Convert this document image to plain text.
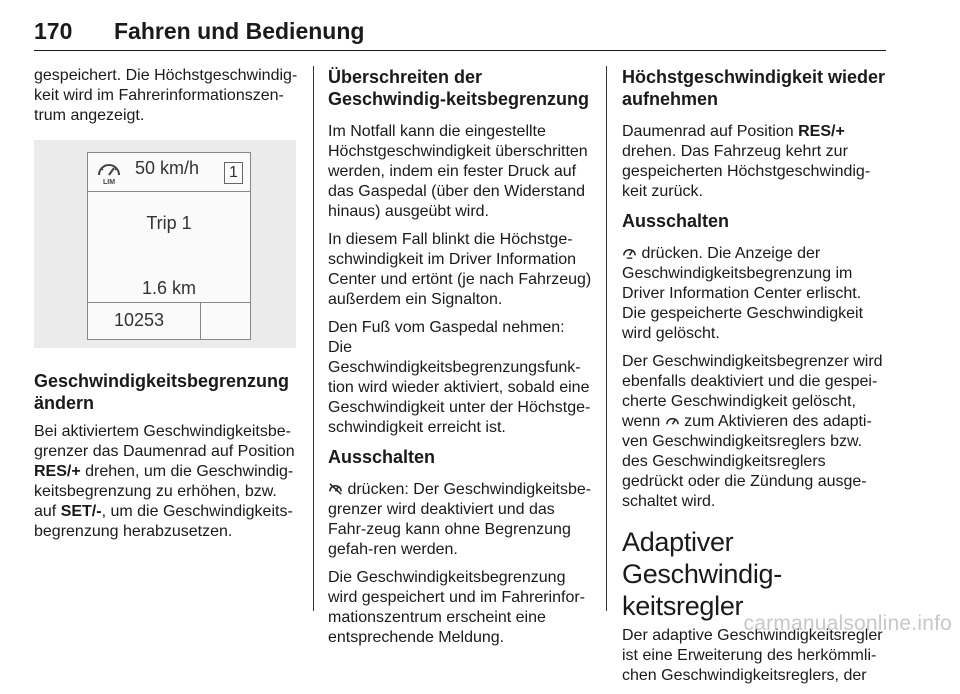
170 Fahren und Bedienung

gespeichert. Die Höchstgeschwindig-keit wird im Fahrerinformationszen-trum angezeigt.

LIM
50 km/h	1
Trip 1
1.6 km
10253
Geschwindigkeitsbegrenzung ändern

Bei aktiviertem Geschwindigkeitsbe-grenzer das Daumenrad auf Position RES/+ drehen, um die Geschwindig-keitsbegrenzung zu erhöhen, bzw. auf SET/-, um die Geschwindigkeits-begrenzung herabzusetzen.

Überschreiten der Geschwindig-keitsbegrenzung

Im Notfall kann die eingestellte Höchstgeschwindigkeit überschritten werden, indem ein fester Druck auf das Gaspedal (über den Widerstand hinaus) ausgeübt wird.

In diesem Fall blinkt die Höchstge-schwindigkeit im Driver Information Center und ertönt (je nach Fahrzeug) außerdem ein Signalton.

Den Fuß vom Gaspedal nehmen: Die Geschwindigkeitsbegrenzungsfunk-tion wird wieder aktiviert, sobald eine Geschwindigkeit unter der Höchstge-schwindigkeit erreicht ist.

Ausschalten

drücken: Der Geschwindigkeitsbe-grenzer wird deaktiviert und das Fahr-zeug kann ohne Begrenzung gefah-ren werden.

Die Geschwindigkeitsbegrenzung wird gespeichert und im Fahrerinfor-mationszentrum erscheint eine entsprechende Meldung.

Höchstgeschwindigkeit wieder aufnehmen

Daumenrad auf Position RES/+ drehen. Das Fahrzeug kehrt zur gespeicherten Höchstgeschwindig-keit zurück.

Ausschalten

drücken. Die Anzeige der Geschwindigkeitsbegrenzung im Driver Information Center erlischt. Die gespeicherte Geschwindigkeit wird gelöscht.

Der Geschwindigkeitsbegrenzer wird ebenfalls deaktiviert und die gespei-cherte Geschwindigkeit gelöscht, wenn  zum Aktivieren des adapti-ven Geschwindigkeitsreglers bzw. des Geschwindigkeitsreglers gedrückt oder die Zündung ausge-schaltet wird.

Adaptiver Geschwindig-keitsregler

Der adaptive Geschwindigkeitsregler ist eine Erweiterung des herkömmli-chen Geschwindigkeitsreglers, der

carmanualsonline.info
